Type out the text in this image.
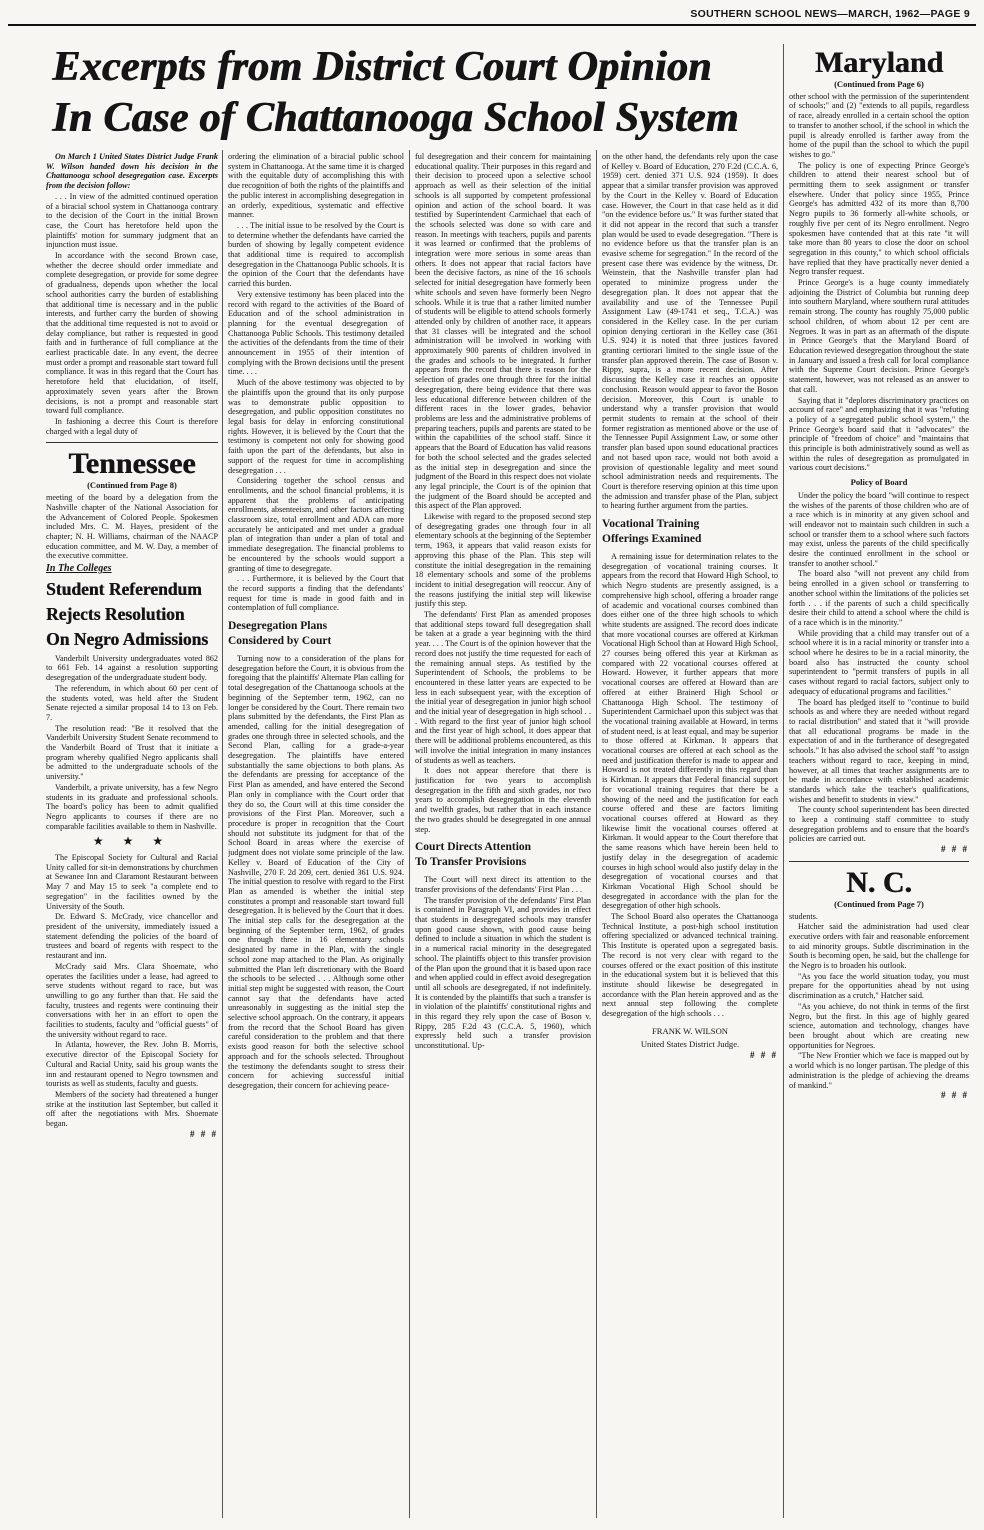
SOUTHERN SCHOOL NEWS—MARCH, 1962—PAGE 9
Excerpts from District Court Opinion
In Case of Chattanooga School System

On March 1 United States District Judge Frank W. Wilson handed down his decision in the Chattanooga school desegregation case. Excerpts from the decision follow:

. . . In view of the admitted continued operation of a biracial school system in Chattanooga contrary to the decision of the Court in the initial Brown case, the Court has heretofore held upon the plaintiffs' motion for summary judgment that an injunction must issue.

In accordance with the second Brown case, whether the decree should order immediate and complete desegregation, or provide for some degree of gradualness, depends upon whether the local school authorities carry the burden of establishing that additional time is necessary and in the public interests, and further carry the burden of showing that the additional time requested is not to avoid or delay compliance, but rather is requested in good faith and in furtherance of full compliance at the earliest practicable date. In any event, the decree must order a prompt and reasonable start toward full compliance. It was in this regard that the Court has heretofore held that elucidation, of itself, approximately seven years after the Brown decisions, is not a prompt and reasonable start toward full compliance.

In fashioning a decree this Court is therefore charged with a legal duty of

Tennessee
(Continued from Page 8)

meeting of the board by a delegation from the Nashville chapter of the National Association for the Advancement of Colored People. Spokesmen included Mrs. C. M. Hayes, president of the chapter; N. H. Williams, chairman of the NAACP education committee, and M. W. Day, a member of the executive committee.

In The Colleges
Student Referendum
Rejects Resolution
On Negro Admissions

Vanderbilt University undergraduates voted 862 to 661 Feb. 14 against a resolution supporting desegregation of the undergraduate student body.

The referendum, in which about 60 per cent of the students voted, was held after the Student Senate rejected a similar proposal 14 to 13 on Feb. 7.

The resolution read: "Be it resolved that the Vanderbilt University Student Senate recommend to the Vanderbilt Board of Trust that it initiate a program whereby qualified Negro applicants shall be admitted to the undergraduate schools of the university."

Vanderbilt, a private university, has a few Negro students in its graduate and professional schools. The board's policy has been to admit qualified Negro applicants to courses if there are no comparable facilities available to them in Nashville.

★ ★ ★

The Episcopal Society for Cultural and Racial Unity called for sit-in demonstrations by churchmen at Sewanee Inn and Claramont Restaurant between May 7 and May 15 to seek "a complete end to segregation" in the facilities owned by the University of the South.

Dr. Edward S. McCrady, vice chancellor and president of the university, immediately issued a statement defending the policies of the board of trustees and board of regents with respect to the restaurant and inn.

McCrady said Mrs. Clara Shoemate, who operates the facilities under a lease, had agreed to serve students without regard to race, but was unwilling to go any further than that. He said the faculty, trustees and regents were continuing their conversations with her in an effort to open the facilities to students, faculty and "official guests" of the university without regard to race.

In Atlanta, however, the Rev. John B. Morris, executive director of the Episcopal Society for Cultural and Racial Unity, said his group wants the inn and restaurant opened to Negro townsmen and tourists as well as students, faculty and guests.

Members of the society had threatened a hunger strike at the institution last September, but called it off after the negotiations with Mrs. Shoemate began.

# # #

ordering the elimination of a biracial public school system in Chattanooga. At the same time it is charged with the equitable duty of accomplishing this with due recognition of both the rights of the plaintiffs and the public interest in accomplishing desegregation in an orderly, expeditious, systematic and effective manner.

. . . The initial issue to be resolved by the Court is to determine whether the defendants have carried the burden of showing by legally competent evidence that additional time is required to accomplish desegregation in the Chattanooga Public schools. It is the opinion of the Court that the defendants have carried this burden.

Very extensive testimony has been placed into the record with regard to the activities of the Board of Education and of the school administration in planning for the eventual desegregation of Chattanooga Public Schools. This testimony detailed the activities of the defendants from the time of their announcement in 1955 of their intention of complying with the Brown decisions until the present time. . . .

Much of the above testimony was objected to by the plaintiffs upon the ground that its only purpose was to demonstrate public opposition to desegregation, and public opposition constitutes no legal basis for delay in enforcing constitutional rights. However, it is believed by the Court that the testimony is competent not only for showing good faith upon the part of the defendants, but also in support of the request for time in accomplishing desegregation . . .

Considering together the school census and enrollments, and the school financial problems, it is apparent that the problems of anticipating enrollments, absenteeism, and other factors affecting classroom size, total enrollment and ADA can more accurately be anticipated and met under a gradual plan of integration than under a plan of total and immediate desegregation. The financial problems to be encountered by the schools would support a granting of time to desegregate.

. . . Furthermore, it is believed by the Court that the record supports a finding that the defendants' request for time is made in good faith and in contemplation of full compliance.

Desegregation Plans
Considered by Court

Turning now to a consideration of the plans for desegregation before the Court, it is obvious from the foregoing that the plaintiffs' Alternate Plan calling for total desegregation of the Chattanooga schools at the beginning of the September term, 1962, can no longer be considered by the Court. There remain two plans submitted by the defendants, the First Plan as amended, calling for the initial desegregation of grades one through three in selected schools, and the Second Plan, calling for a grade-a-year desegregation. The plaintiffs have entered substantially the same objections to both plans. As the defendants are pressing for acceptance of the First Plan as amended, and have entered the Second Plan only in compliance with the Court order that they do so, the Court will at this time consider the provisions of the First Plan. Moreover, such a procedure is proper in recognition that the Court should not substitute its judgment for that of the School Board in areas where the exercise of judgment does not violate some principle of the law. Kelley v. Board of Education of the City of Nashville, 270 F. 2d 209, cert. denied 361 U.S. 924. The initial question to resolve with regard to the First Plan as amended is whether the initial step constitutes a prompt and reasonable start toward full desegregation. It is believed by the Court that it does. The initial step calls for the desegregation at the beginning of the September term, 1962, of grades one through three in 16 elementary schools designated by name in the Plan, with the single school zone map attached to the Plan. As originally submitted the Plan left discretionary with the Board the schools to be selected . . . Although some other initial step might be suggested with reason, the Court cannot say that the defendants have acted unreasonably in suggesting as the initial step the selective school approach. On the contrary, it appears from the record that the School Board has given careful consideration to the problem and that there exists good reason for both the selective school approach and for the schools selected. Throughout the testimony the defendants sought to stress their concern for achieving successful initial desegregation, their concern for achieving peace-

ful desegregation and their concern for maintaining educational quality. Their purposes in this regard and their decision to proceed upon a selective school approach as well as their selection of the initial schools is all supported by competent professional opinion and action of the school board. It was testified by Superintendent Carmichael that each of the schools selected was done so with care and reason. In meetings with teachers, pupils and parents it was learned or confirmed that the problems of integration were more serious in some areas than others. It does not appear that racial factors have been the decisive factors, as nine of the 16 schools selected for initial desegregation have formerly been white schools and seven have formerly been Negro schools. While it is true that a rather limited number of students will be eligible to attend schools formerly attended only by children of another race, it appears that 31 classes will be integrated and the school administration will be involved in working with approximately 900 parents of children involved in the grades and schools to be integrated. It further appears from the record that there is reason for the selection of grades one through three for the initial desegregation, there being evidence that there was less educational difference between children of the different races in the lower grades, behavior problems are less and the administrative problems of preparing teachers, pupils and parents are stated to be within the capabilities of the school staff. Since it appears that the Board of Education has valid reasons for both the school selected and the grades selected as the initial step in desegregation and since the judgment of the Board in this respect does not violate any legal principle, the Court is of the opinion that the judgment of the Board should be accepted and this aspect of the Plan approved.

Likewise with regard to the proposed second step of desegregating grades one through four in all elementary schools at the beginning of the September term, 1963, it appears that valid reason exists for approving this phase of the Plan. This step will constitute the initial desegregation in the remaining 18 elementary schools and some of the problems incident to initial desegregation will reoccur. Any of the reasons justifying the initial step will likewise justify this step.

The defendants' First Plan as amended proposes that additional steps toward full desegregation shall be taken at a grade a year beginning with the third year. . . . The Court is of the opinion however that the record does not justify the time requested for each of the remaining annual steps. As testified by the Superintendent of Schools, the problems to be encountered in these latter years are expected to be less in each subsequent year, with the exception of the initial year of desegregation in junior high school and the initial year of desegregation in high school . . . With regard to the first year of junior high school and the first year of high school, it does appear that there will be additional problems encountered, as this will involve the initial integration in many instances of students as well as teachers.

It does not appear therefore that there is justification for two years to accomplish desegregation in the fifth and sixth grades, nor two years to accomplish desegregation in the eleventh and twelfth grades, but rather that in each instance the two grades should be desegregated in one annual step.

Court Directs Attention
To Transfer Provisions

The Court will next direct its attention to the transfer provisions of the defendants' First Plan . . .

The transfer provision of the defendants' First Plan is contained in Paragraph VI, and provides in effect that students in desegregated schools may transfer upon good cause shown, with good cause being defined to include a situation in which the student is in a numerical racial minority in the desegregated school. The plaintiffs object to this transfer provision of the Plan upon the ground that it is based upon race and when applied could in effect avoid desegregation until all schools are desegregated, if not indefinitely. It is contended by the plaintiffs that such a transfer is in violation of the plaintiffs' constitutional rights and in this regard they rely upon the case of Boson v. Rippy, 285 F.2d 43 (C.C.A. 5, 1960), which expressly held such a transfer provision unconstitutional. Up-

on the other hand, the defendants rely upon the case of Kelley v. Board of Education, 270 F.2d (C.C.A. 6, 1959) cert. denied 371 U.S. 924 (1959). It does appear that a similar transfer provision was approved by the Court in the Kelley v. Board of Education case. However, the Court in that case held as it did "on the evidence before us." It was further stated that it did not appear in the record that such a transfer plan would be used to evade desegregation. "There is no evidence before us that the transfer plan is an evasive scheme for segregation." In the record of the present case there was evidence by the witness, Dr. Weinstein, that the Nashville transfer plan had operated to minimize progress under the desegregation plan. It does not appear that the availability and use of the Tennessee Pupil Assignment Law (49-1741 et seq., T.C.A.) was considered in the Kelley case. In the per curiam opinion denying certiorari in the Kelley case (361 U.S. 924) it is noted that three justices favored granting certiorari limited to the single issue of the transfer plan approved therein. The case of Boson v. Rippy, supra, is a more recent decision. After discussing the Kelley case it reaches an opposite conclusion. Reason would appear to favor the Boson decision. Moreover, this Court is unable to understand why a transfer provision that would permit students to remain at the school of their former registration as mentioned above or the use of the Tennessee Pupil Assignment Law, or some other transfer plan based upon sound educational practices and not based upon race, would not both avoid a provision of questionable legality and meet sound school administration needs and requirements. The Court is therefore reserving opinion at this time upon the admission and transfer phase of the Plan, subject to hearing further argument from the parties.

Vocational Training
Offerings Examined

A remaining issue for determination relates to the desegregation of vocational training courses. It appears from the record that Howard High School, to which Negro students are presently assigned, is a comprehensive high school, offering a broader range of academic and vocational courses combined than does either one of the three high schools to which white students are assigned. The record does indicate that more vocational courses are offered at Kirkman Vocational High School than at Howard High School, 27 courses being offered this year at Kirkman as compared with 22 vocational courses offered at Howard. However, it further appears that more vocational courses are offered at Howard than are offered at either Brainerd High School or Chattanooga High School. The testimony of Superintendent Carmichael upon this subject was that the vocational training available at Howard, in terms of student need, is at least equal, and may be superior to those offered at Kirkman. It appears that vocational courses are offered at each school as the need and justification therefor is made to appear and Howard is not treated differently in this regard than is Kirkman. It appears that Federal financial support for vocational training requires that there be a showing of the need and the justification for each course offered and these are factors limiting vocational courses offered at Howard as they likewise limit the vocational courses offered at Kirkman. It would appear to the Court therefore that the same reasons which have herein been held to justify delay in the desegregation of academic courses in high school would also justify delay in the desegregation of vocational courses and that Kirkman Vocational High School should be desegregated in accordance with the plan for the desegregation of other high schools.

The School Board also operates the Chattanooga Technical Institute, a post-high school institution offering specialized or advanced technical training. This Institute is operated upon a segregated basis. The record is not very clear with regard to the courses offered or the exact position of this institute in the educational system but it is believed that this institute should likewise be desegregated in accordance with the Plan herein approved and as the next annual step following the complete desegregation of the high schools . . .

FRANK W. WILSON
United States District Judge.
# # #
Maryland
(Continued from Page 6)

other school with the permission of the superintendent of schools;" and (2) "extends to all pupils, regardless of race, already enrolled in a certain school the option to transfer to another school, if the school in which the pupil is already enrolled is farther away from the home of the pupil than the school to which the pupil wishes to go."

The policy is one of expecting Prince George's children to attend their nearest school but of permitting them to seek assignment or transfer elsewhere. Under that policy since 1955, Prince George's has admitted 432 of its more than 8,700 Negro pupils to 36 formerly all-white schools, or roughly five per cent of its Negro enrollment. Negro spokesmen have contended that at this rate "it will take more than 80 years to close the door on school segregation in this county," to which school officials have replied that they have practically never denied a Negro transfer request.

Prince George's is a huge county immediately adjoining the District of Columbia but running deep into southern Maryland, where southern rural attitudes remain strong. The county has roughly 75,000 public school children, of whom about 12 per cent are Negroes. It was in part as an aftermath of the dispute in Prince George's that the Maryland Board of Education reviewed desegregation throughout the state in January and issued a fresh call for local compliance with the Supreme Court decision. Prince George's statement, however, was not released as an answer to that call.

Saying that it "deplores discriminatory practices on account of race" and emphasizing that it was "refuting a policy of a segregated public school system," the Prince George's board said that it "advocates" the principle of "freedom of choice" and "maintains that this principle is both administratively sound as well as within the rules of desegregation as promulgated in various court decisions."

Policy of Board

Under the policy the board "will continue to respect the wishes of the parents of those children who are of a race which is in minority at any given school and will endeavor not to maintain such children in such a school or transfer them to a school where such factors may exist, unless the parents of the child specifically desire the continued enrollment in the school or transfer to another school."

The board also "will not prevent any child from being enrolled in a given school or transferring to another school within the limitations of the policies set forth . . . if the parents of such a child specifically desire their child to attend a school where the child is of a race which is in the minority."

While providing that a child may transfer out of a school where it is in a racial minority or transfer into a school where he desires to be in a racial minority, the board also has instructed the county school superintendent to "permit transfers of pupils in all cases without regard to racial factors, subject only to adequacy of educational programs and facilities."

The board has pledged itself to "continue to build schools as and where they are needed without regard to racial distribution" and stated that it "will provide that all educational programs be made in the expectation of and in the furtherance of desegregated schools." It has also advised the school staff "to assign teachers without regard to race, keeping in mind, however, at all times that teacher assignments are to be made in accordance with established academic standards which take the teacher's qualifications, wishes and benefit to students in view."

The county school superintendent has been directed to keep a continuing staff committee to study desegregation problems and to ensure that the board's policies are carried out.

# # #
N. C.
(Continued from Page 7)

students.

Hatcher said the administration had used clear executive orders with fair and reasonable enforcement to aid minority groups. Subtle discrimination in the South is becoming open, he said, but the challenge for the Negro is to broaden his outlook.

"As you face the world situation today, you must prepare for the opportunities ahead by not using discrimination as a crutch," Hatcher said.

"As you achieve, do not think in terms of the first Negro, but the first. In this age of highly geared science, automation and technology, changes have been brought about which are creating new opportunities for Negroes.

"The New Frontier which we face is mapped out by a world which is no longer partisan. The pledge of this administration is the pledge of achieving the dreams of mankind."

# # #
